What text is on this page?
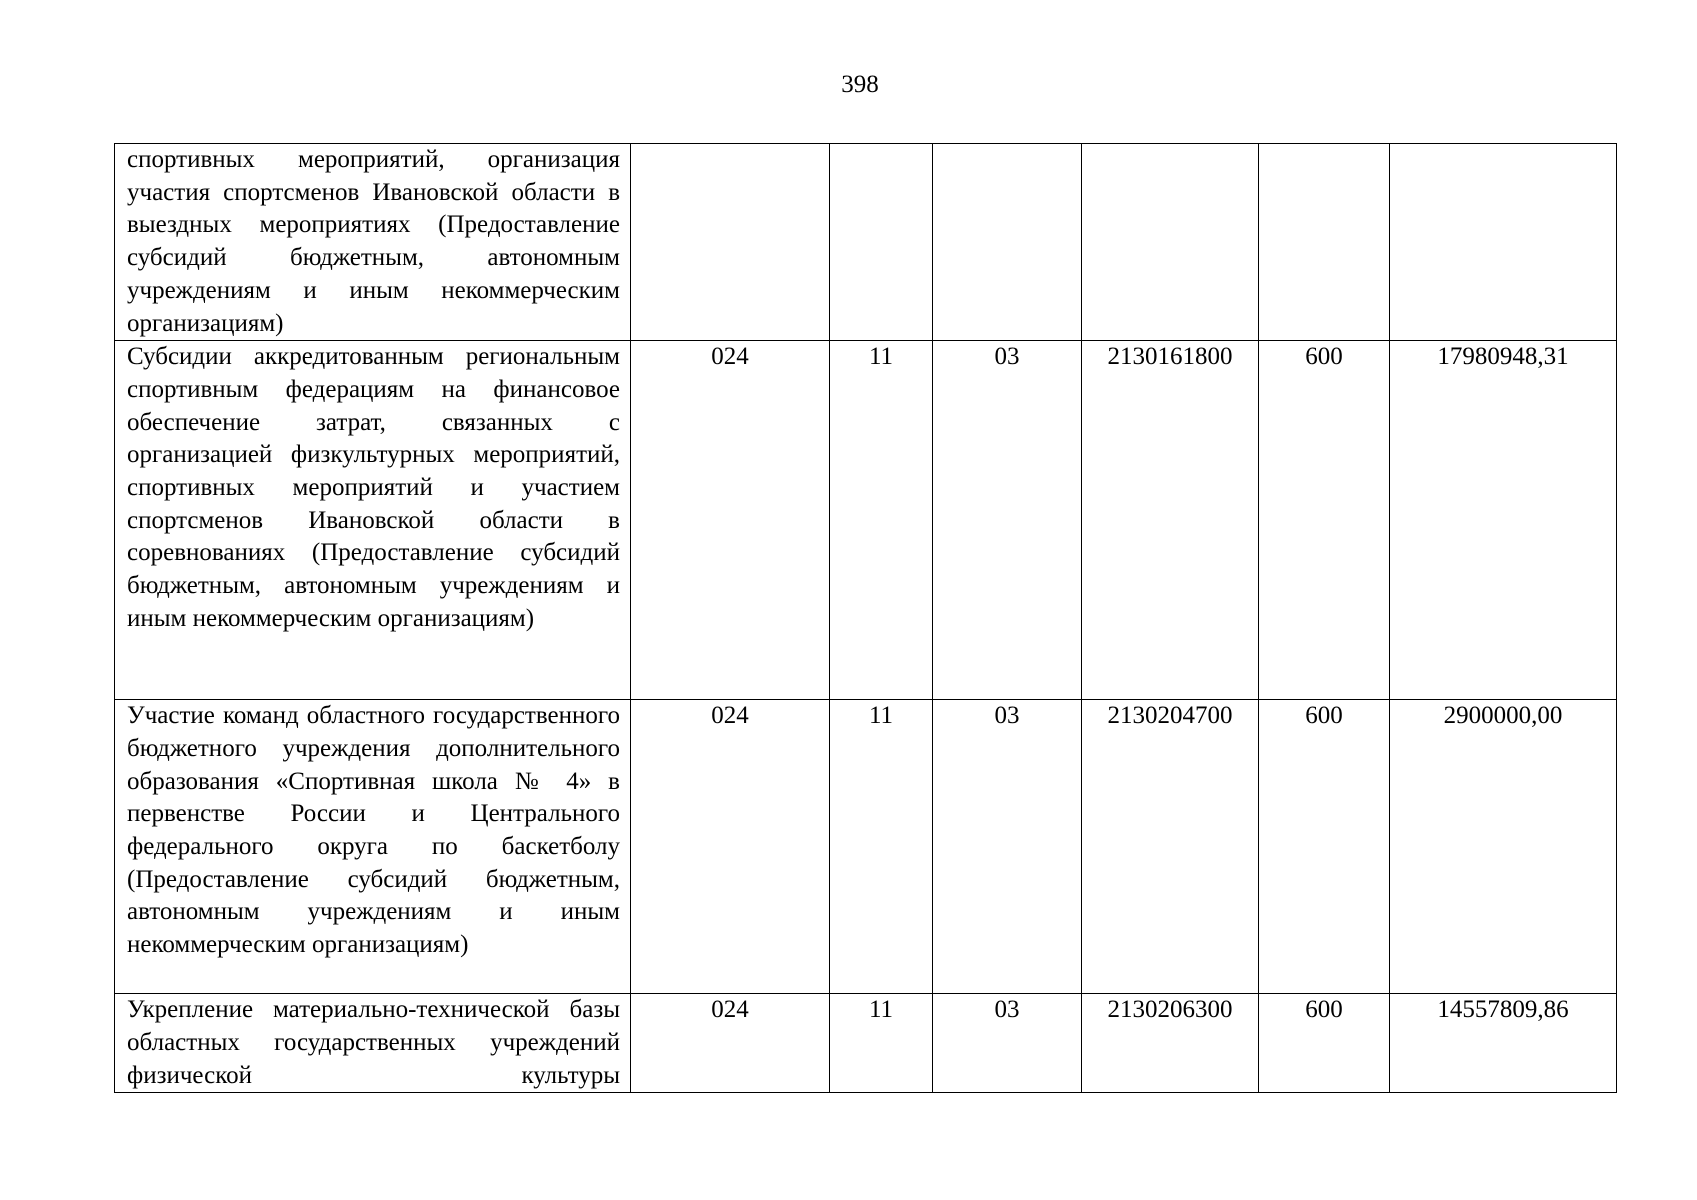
398
спортивных мероприятий, организация участия спортсменов Ивановской области в выездных мероприятиях (Предоставление субсидий бюджетным, автономным учреждениям и иным некоммерческим организациям)						
Субсидии аккредитованным региональным спортивным федерациям на финансовое обеспечение затрат, связанных с организацией физкультурных мероприятий, спортивных мероприятий и участием спортсменов Ивановской области в соревнованиях (Предоставление субсидий бюджетным, автономным учреждениям и иным некоммерческим организациям)	024	11	03	2130161800	600	17980948,31
Участие команд областного государственного бюджетного учреждения дополнительного образования «Спортивная школа № 4» в первенстве России и Центрального федерального округа по баскетболу (Предоставление субсидий бюджетным, автономным учреждениям и иным некоммерческим организациям)	024	11	03	2130204700	600	2900000,00
Укрепление материально-технической базы областных государственных учреждений физической культуры	024	11	03	2130206300	600	14557809,86
